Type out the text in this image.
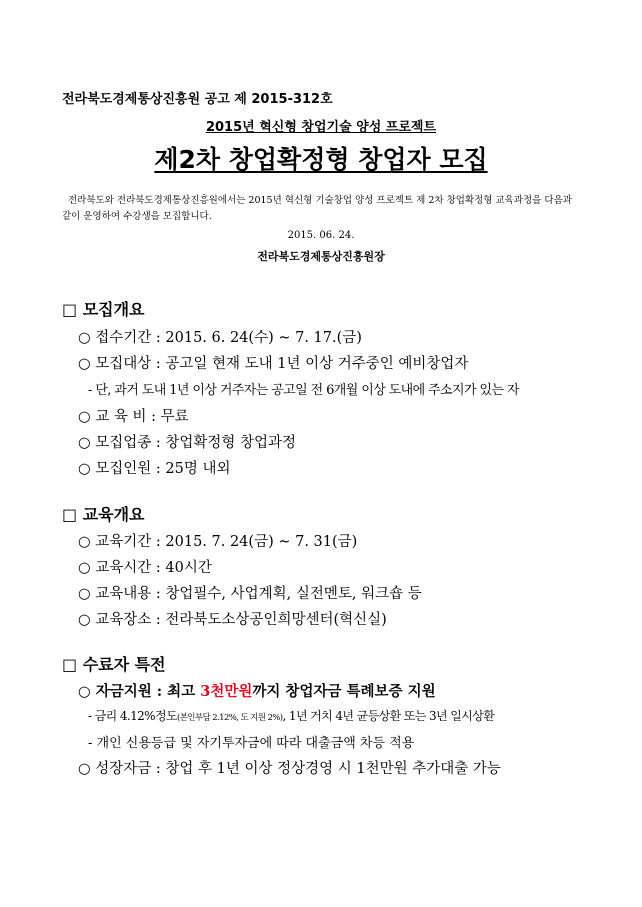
전라북도경제통상진흥원 공고 제 2015-312호
2015년 혁신형 창업기술 양성 프로젝트
제2차 창업확정형 창업자 모집
전라북도와 전라북도경제통상진흥원에서는 2015년 혁신형 기술창업 양성 프로젝트 제 2차 창업확정형 교육과정을 다음과 같이 운영하여 수강생을 모집합니다.
2015. 06. 24.
전라북도경제통상진흥원장
□ 모집개요
○ 접수기간 : 2015. 6. 24(수) ~ 7. 17.(금)
○ 모집대상 : 공고일 현재 도내 1년 이상 거주중인 예비창업자
- 단, 과거 도내 1년 이상 거주자는 공고일 전 6개월 이상 도내에 주소지가 있는 자
○ 교 육 비 : 무료
○ 모집업종 : 창업확정형 창업과정
○ 모집인원 : 25명 내외
□ 교육개요
○ 교육기간 : 2015. 7. 24(금) ~ 7. 31(금)
○ 교육시간 : 40시간
○ 교육내용 : 창업필수, 사업계획, 실전멘토, 워크숍 등
○ 교육장소 : 전라북도소상공인희망센터(혁신실)
□ 수료자 특전
○ 자금지원 : 최고 3천만원까지 창업자금 특례보증 지원
- 금리 4.12%정도(본인부담 2.12%, 도 지원 2%), 1년 거치 4년 균등상환 또는 3년 일시상환
- 개인 신용등급 및 자기투자금에 따라 대출금액 차등 적용
○ 성장자금 : 창업 후 1년 이상 정상경영 시 1천만원 추가대출 가능
